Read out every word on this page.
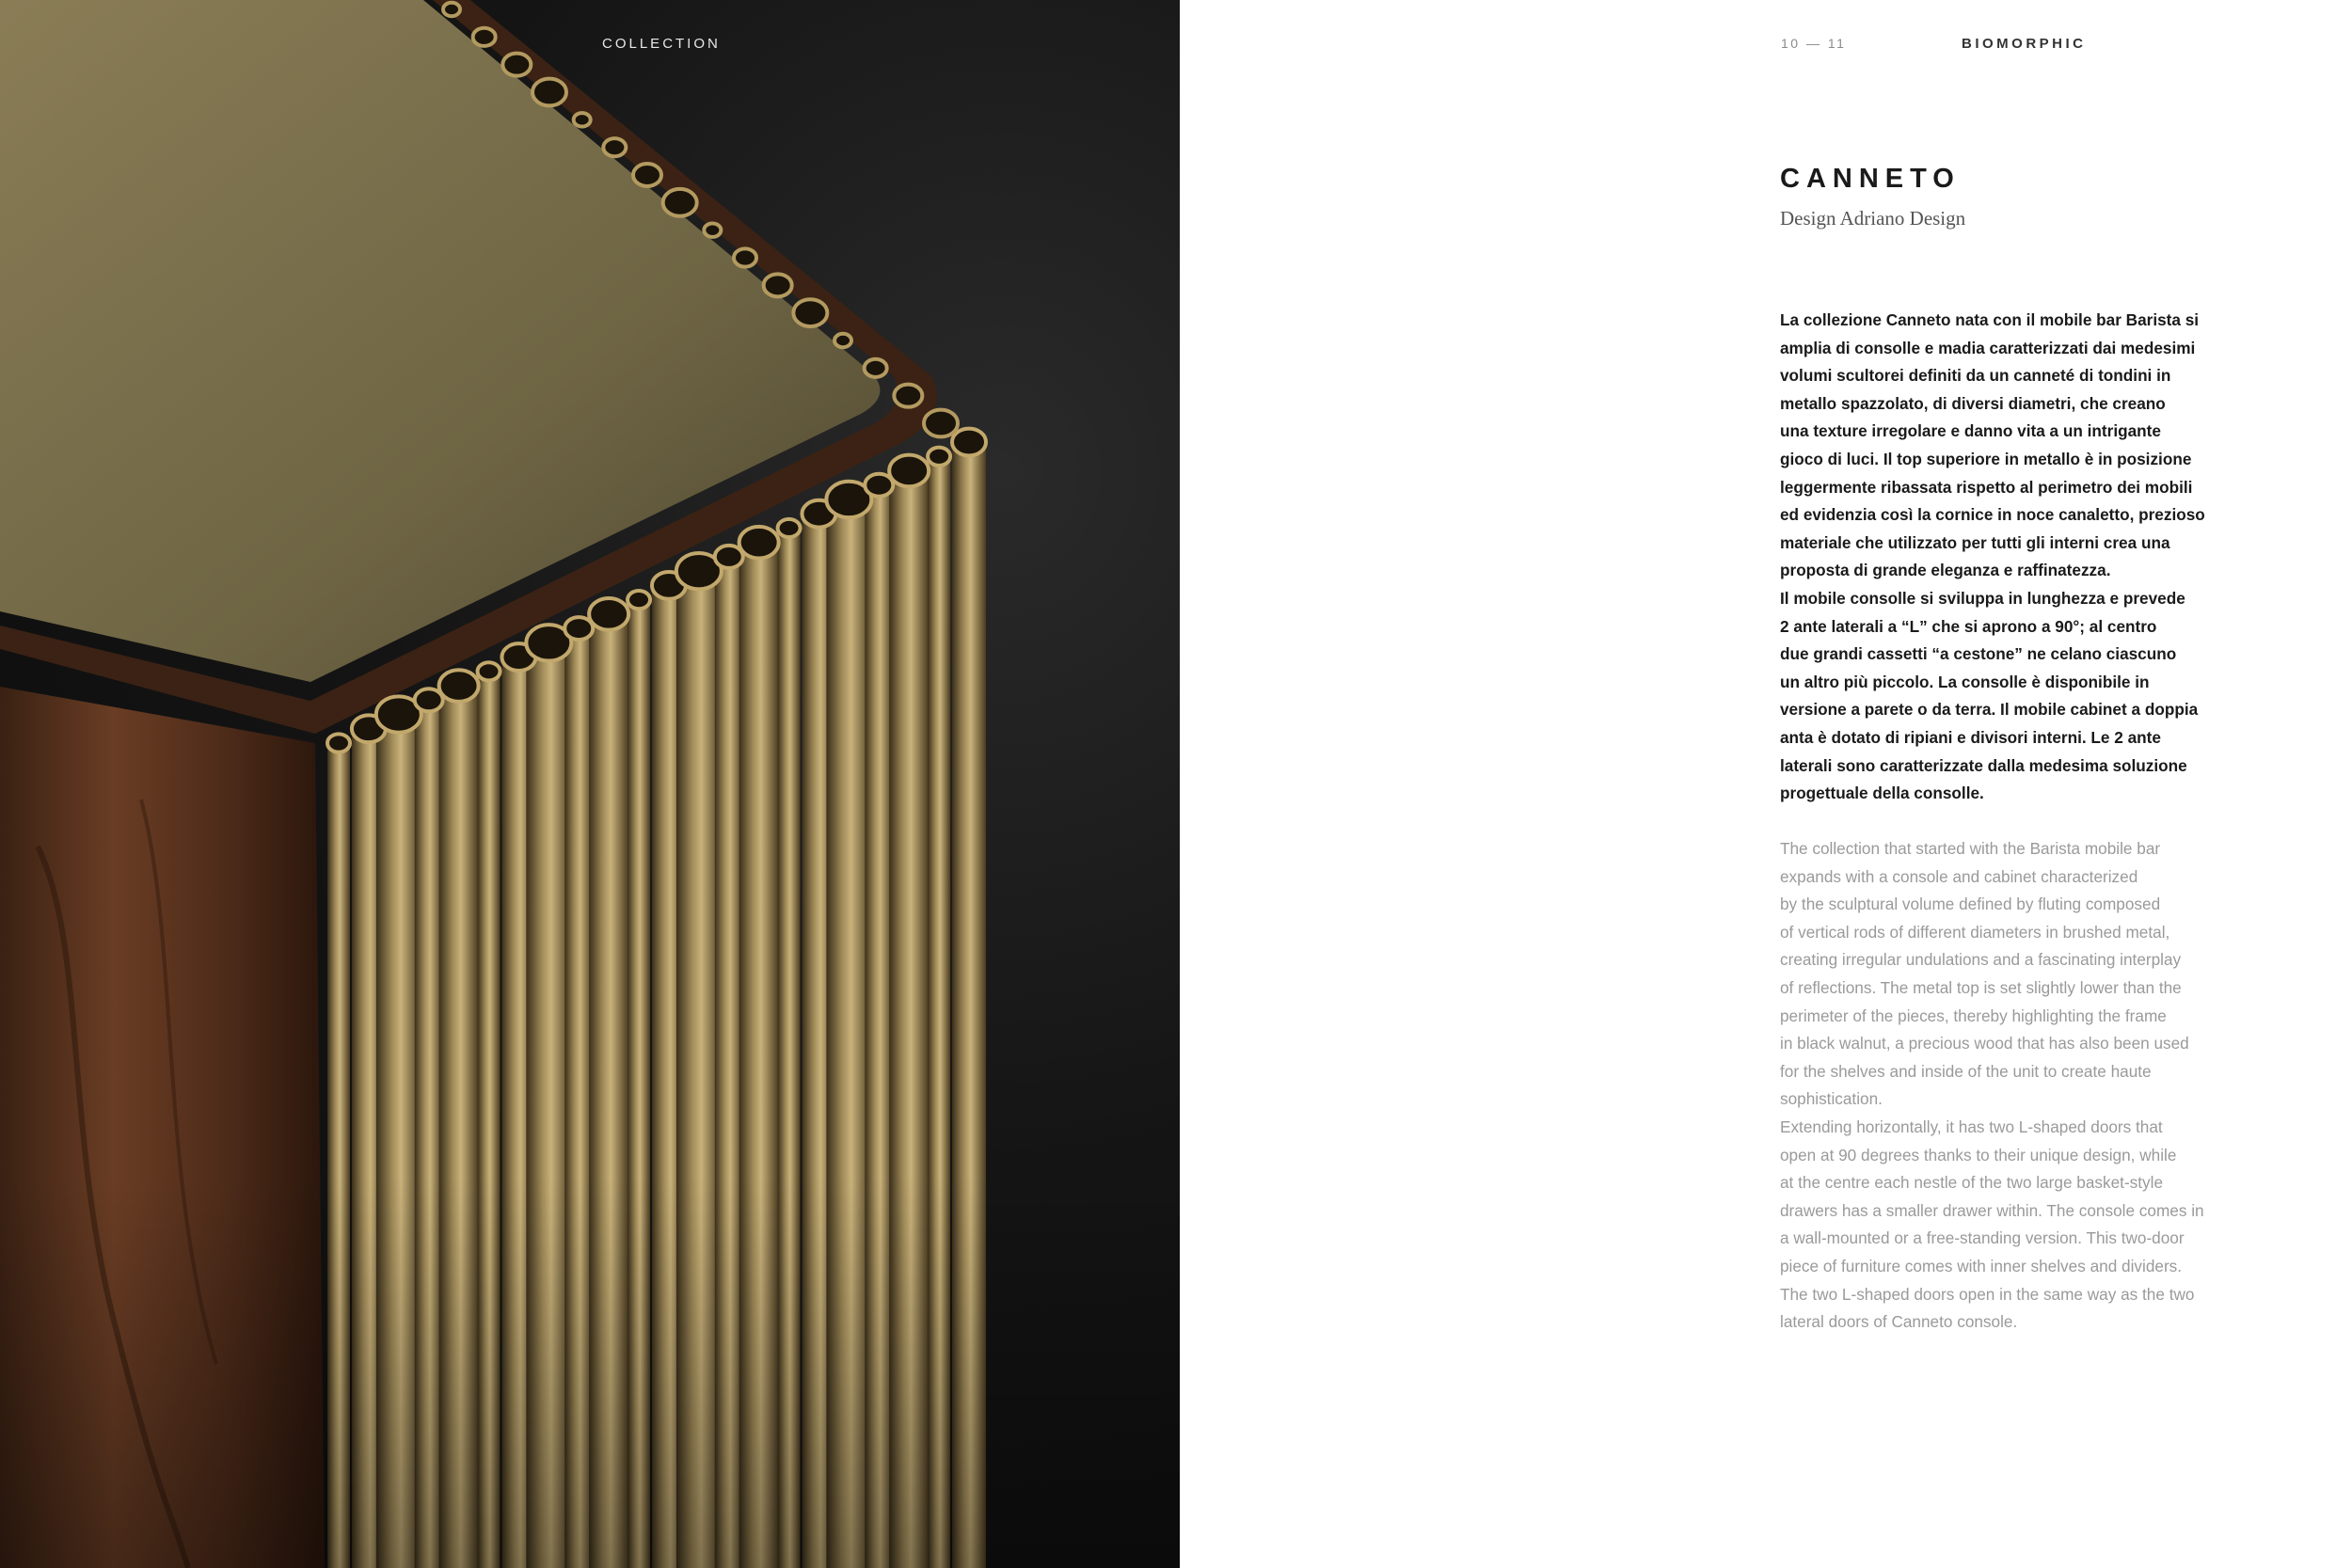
COLLECTION	10 — 11	BIOMORPHIC
CANNETO
Design Adriano Design

La collezione Canneto nata con il mobile bar Barista si
amplia di consolle e madia caratterizzati dai medesimi
volumi scultorei definiti da un canneté di tondini in
metallo spazzolato, di diversi diametri, che creano
una texture irregolare e danno vita a un intrigante
gioco di luci. Il top superiore in metallo è in posizione
leggermente ribassata rispetto al perimetro dei mobili
ed evidenzia così la cornice in noce canaletto, prezioso
materiale che utilizzato per tutti gli interni crea una
proposta di grande eleganza e raffinatezza.
Il mobile consolle si sviluppa in lunghezza e prevede
2 ante laterali a “L” che si aprono a 90°; al centro
due grandi cassetti “a cestone” ne celano ciascuno
un altro più piccolo. La consolle è disponibile in
versione a parete o da terra. Il mobile cabinet a doppia
anta è dotato di ripiani e divisori interni. Le 2 ante
laterali sono caratterizzate dalla medesima soluzione
progettuale della consolle.

The collection that started with the Barista mobile bar
expands with a console and cabinet characterized
by the sculptural volume defined by fluting composed
of vertical rods of different diameters in brushed metal,
creating irregular undulations and a fascinating interplay
of reflections. The metal top is set slightly lower than the
perimeter of the pieces, thereby highlighting the frame
in black walnut, a precious wood that has also been used
for the shelves and inside of the unit to create haute
sophistication.
Extending horizontally, it has two L-shaped doors that
open at 90 degrees thanks to their unique design, while
at the centre each nestle of the two large basket-style
drawers has a smaller drawer within. The console comes in
a wall-mounted or a free-standing version. This two-door
piece of furniture comes with inner shelves and dividers.
The two L-shaped doors open in the same way as the two
lateral doors of Canneto console.
